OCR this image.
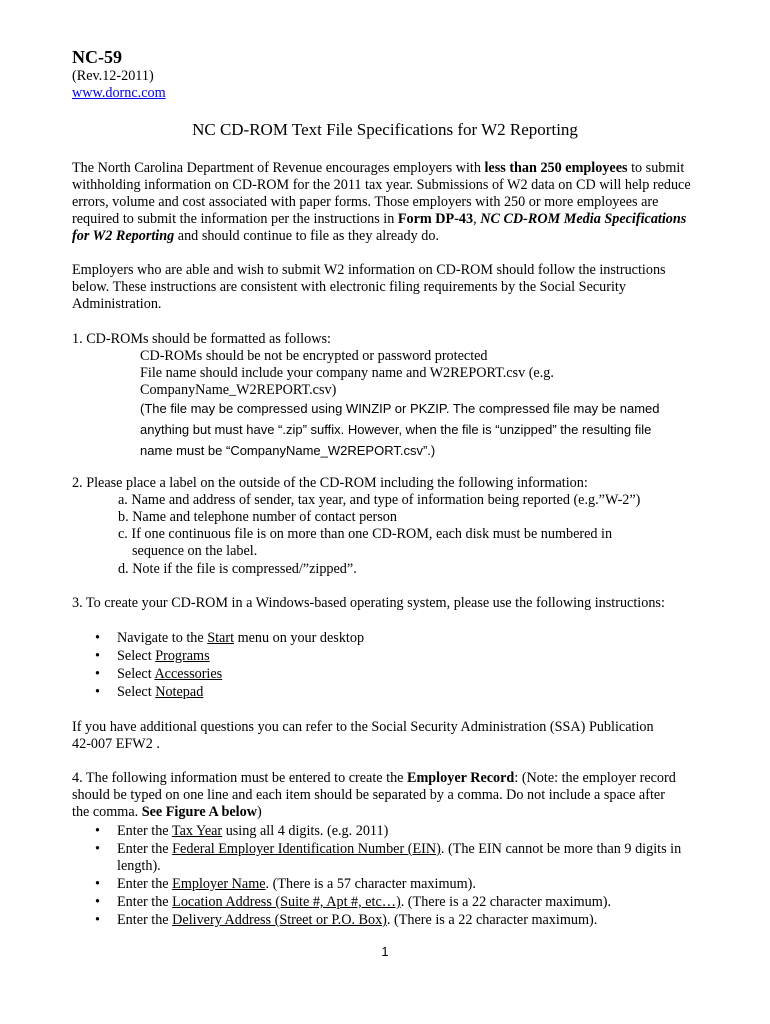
NC-59
(Rev.12-2011)
www.dornc.com
NC CD-ROM Text File Specifications for W2 Reporting

The North Carolina Department of Revenue encourages employers with less than 250 employees to submit withholding information on CD-ROM for the 2011 tax year. Submissions of W2 data on CD will help reduce errors, volume and cost associated with paper forms. Those employers with 250 or more employees are required to submit the information per the instructions in Form DP-43, NC CD-ROM Media Specifications for W2 Reporting and should continue to file as they already do.

Employers who are able and wish to submit W2 information on CD-ROM should follow the instructions below. These instructions are consistent with electronic filing requirements by the Social Security Administration.

1. CD-ROMs should be formatted as follows:
CD-ROMs should be not be encrypted or password protected
File name should include your company name and W2REPORT.csv (e.g.
CompanyName_W2REPORT.csv)
(The file may be compressed using WINZIP or PKZIP. The compressed file may be named
anything but must have “.zip” suffix. However, when the file is “unzipped” the resulting file
name must be “CompanyName_W2REPORT.csv”.)
2. Please place a label on the outside of the CD-ROM including the following information:
a. Name and address of sender, tax year, and type of information being reported (e.g.”W-2”)
b. Name and telephone number of contact person
c. If one continuous file is on more than one CD-ROM, each disk must be numbered in
sequence on the label.
d. Note if the file is compressed/”zipped”.
3. To create your CD-ROM in a Windows-based operating system, please use the following instructions:
• Navigate to the Start menu on your desktop
• Select Programs
• Select Accessories
• Select Notepad
If you have additional questions you can refer to the Social Security Administration (SSA) Publication
42-007 EFW2 .
4. The following information must be entered to create the Employer Record: (Note: the employer record
should be typed on one line and each item should be separated by a comma. Do not include a space after
the comma. See Figure A below)
• Enter the Tax Year using all 4 digits. (e.g. 2011)
• Enter the Federal Employer Identification Number (EIN). (The EIN cannot be more than 9 digits in
length).
• Enter the Employer Name. (There is a 57 character maximum).
• Enter the Location Address (Suite #, Apt #, etc…). (There is a 22 character maximum).
• Enter the Delivery Address (Street or P.O. Box). (There is a 22 character maximum).
1
